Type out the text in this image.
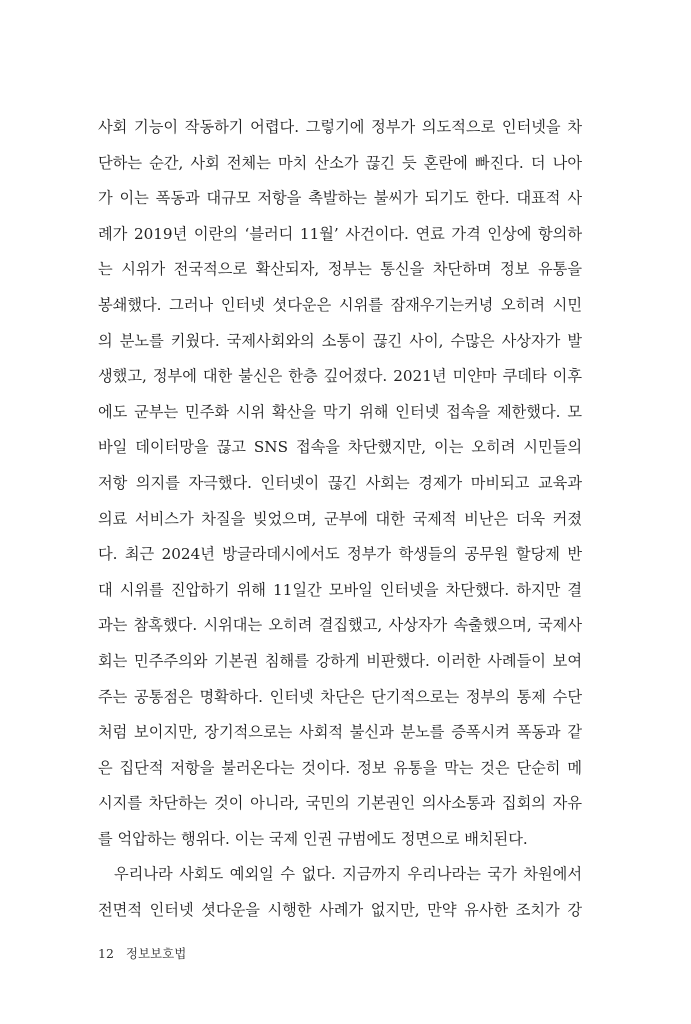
사회 기능이 작동하기 어렵다. 그렇기에 정부가 의도적으로 인터넷을 차
단하는 순간, 사회 전체는 마치 산소가 끊긴 듯 혼란에 빠진다. 더 나아
가 이는 폭동과 대규모 저항을 촉발하는 불씨가 되기도 한다. 대표적 사
례가 2019년 이란의 ‘블러디 11월’ 사건이다. 연료 가격 인상에 항의하
는 시위가 전국적으로 확산되자, 정부는 통신을 차단하며 정보 유통을
봉쇄했다. 그러나 인터넷 셧다운은 시위를 잠재우기는커녕 오히려 시민
의 분노를 키웠다. 국제사회와의 소통이 끊긴 사이, 수많은 사상자가 발
생했고, 정부에 대한 불신은 한층 깊어졌다. 2021년 미얀마 쿠데타 이후
에도 군부는 민주화 시위 확산을 막기 위해 인터넷 접속을 제한했다. 모
바일 데이터망을 끊고 SNS 접속을 차단했지만, 이는 오히려 시민들의
저항 의지를 자극했다. 인터넷이 끊긴 사회는 경제가 마비되고 교육과
의료 서비스가 차질을 빚었으며, 군부에 대한 국제적 비난은 더욱 커졌
다. 최근 2024년 방글라데시에서도 정부가 학생들의 공무원 할당제 반
대 시위를 진압하기 위해 11일간 모바일 인터넷을 차단했다. 하지만 결
과는 참혹했다. 시위대는 오히려 결집했고, 사상자가 속출했으며, 국제사
회는 민주주의와 기본권 침해를 강하게 비판했다. 이러한 사례들이 보여
주는 공통점은 명확하다. 인터넷 차단은 단기적으로는 정부의 통제 수단
처럼 보이지만, 장기적으로는 사회적 불신과 분노를 증폭시켜 폭동과 같
은 집단적 저항을 불러온다는 것이다. 정보 유통을 막는 것은 단순히 메
시지를 차단하는 것이 아니라, 국민의 기본권인 의사소통과 집회의 자유
를 억압하는 행위다. 이는 국제 인권 규범에도 정면으로 배치된다.
우리나라 사회도 예외일 수 없다. 지금까지 우리나라는 국가 차원에서
전면적 인터넷 셧다운을 시행한 사례가 없지만, 만약 유사한 조치가 강
12 정보보호법
